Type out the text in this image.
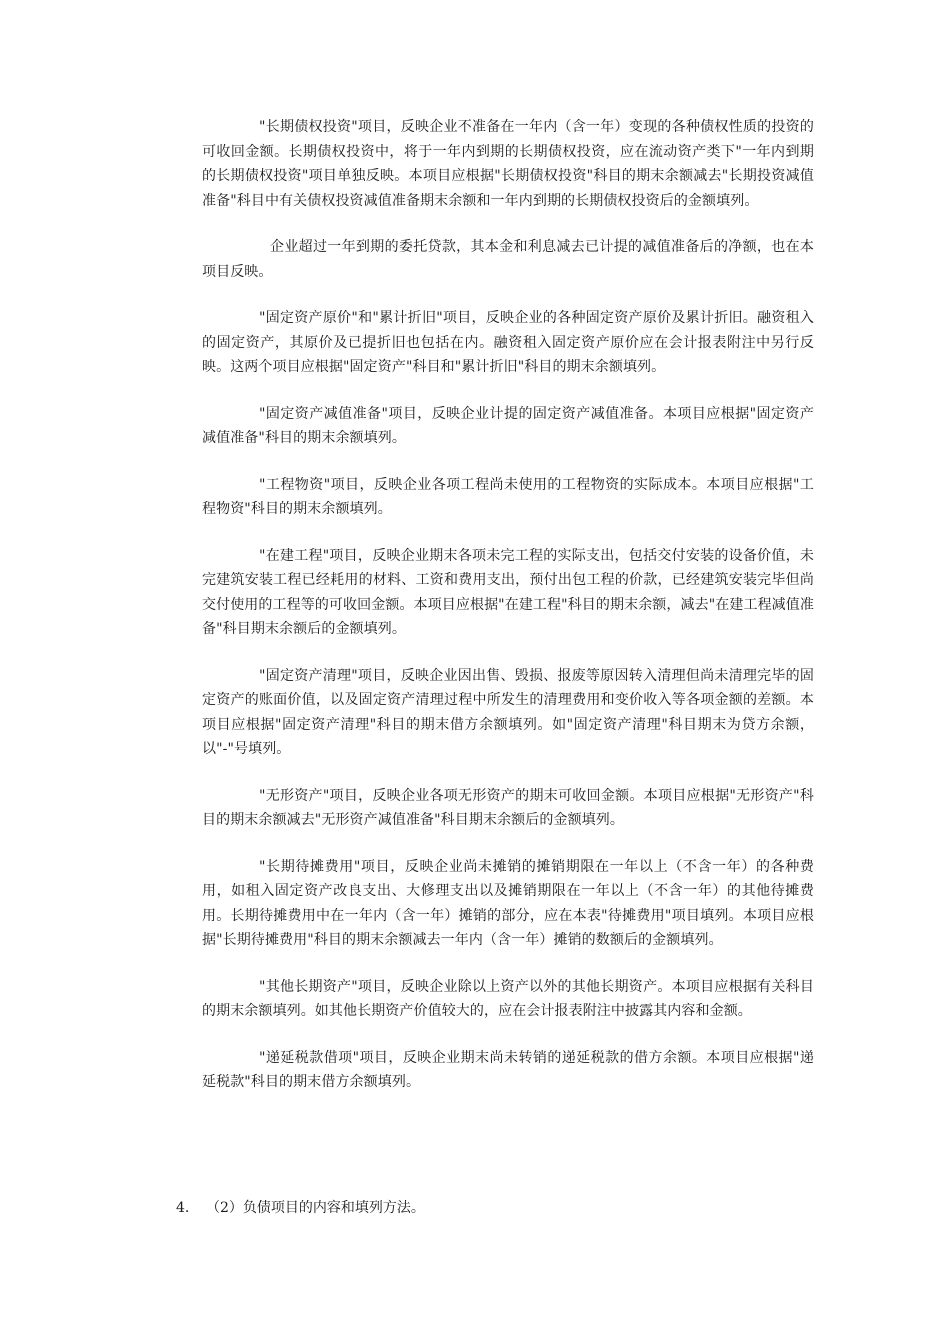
"长期债权投资"项目，反映企业不准备在一年内（含一年）变现的各种债权性质的投资的可收回金额。长期债权投资中，将于一年内到期的长期债权投资，应在流动资产类下"一年内到期的长期债权投资"项目单独反映。本项目应根据"长期债权投资"科目的期末余额减去"长期投资减值准备"科目中有关债权投资减值准备期末余额和一年内到期的长期债权投资后的金额填列。

企业超过一年到期的委托贷款，其本金和利息减去已计提的减值准备后的净额，也在本项目反映。

"固定资产原价"和"累计折旧"项目，反映企业的各种固定资产原价及累计折旧。融资租入的固定资产，其原价及已提折旧也包括在内。融资租入固定资产原价应在会计报表附注中另行反映。这两个项目应根据"固定资产"科目和"累计折旧"科目的期末余额填列。

"固定资产减值准备"项目，反映企业计提的固定资产减值准备。本项目应根据"固定资产减值准备"科目的期末余额填列。

"工程物资"项目，反映企业各项工程尚未使用的工程物资的实际成本。本项目应根据"工程物资"科目的期末余额填列。

"在建工程"项目，反映企业期末各项未完工程的实际支出，包括交付安装的设备价值，未完建筑安装工程已经耗用的材料、工资和费用支出，预付出包工程的价款，已经建筑安装完毕但尚交付使用的工程等的可收回金额。本项目应根据"在建工程"科目的期末余额，减去"在建工程减值准备"科目期末余额后的金额填列。

"固定资产清理"项目，反映企业因出售、毁损、报废等原因转入清理但尚未清理完毕的固定资产的账面价值，以及固定资产清理过程中所发生的清理费用和变价收入等各项金额的差额。本项目应根据"固定资产清理"科目的期末借方余额填列。如"固定资产清理"科目期末为贷方余额，以"-"号填列。

"无形资产"项目，反映企业各项无形资产的期末可收回金额。本项目应根据"无形资产"科目的期末余额减去"无形资产减值准备"科目期末余额后的金额填列。

"长期待摊费用"项目，反映企业尚未摊销的摊销期限在一年以上（不含一年）的各种费用，如租入固定资产改良支出、大修理支出以及摊销期限在一年以上（不含一年）的其他待摊费用。长期待摊费用中在一年内（含一年）摊销的部分，应在本表"待摊费用"项目填列。本项目应根据"长期待摊费用"科目的期末余额减去一年内（含一年）摊销的数额后的金额填列。

"其他长期资产"项目，反映企业除以上资产以外的其他长期资产。本项目应根据有关科目的期末余额填列。如其他长期资产价值较大的，应在会计报表附注中披露其内容和金额。

"递延税款借项"项目，反映企业期末尚未转销的递延税款的借方余额。本项目应根据"递延税款"科目的期末借方余额填列。

4. （2）负债项目的内容和填列方法。
